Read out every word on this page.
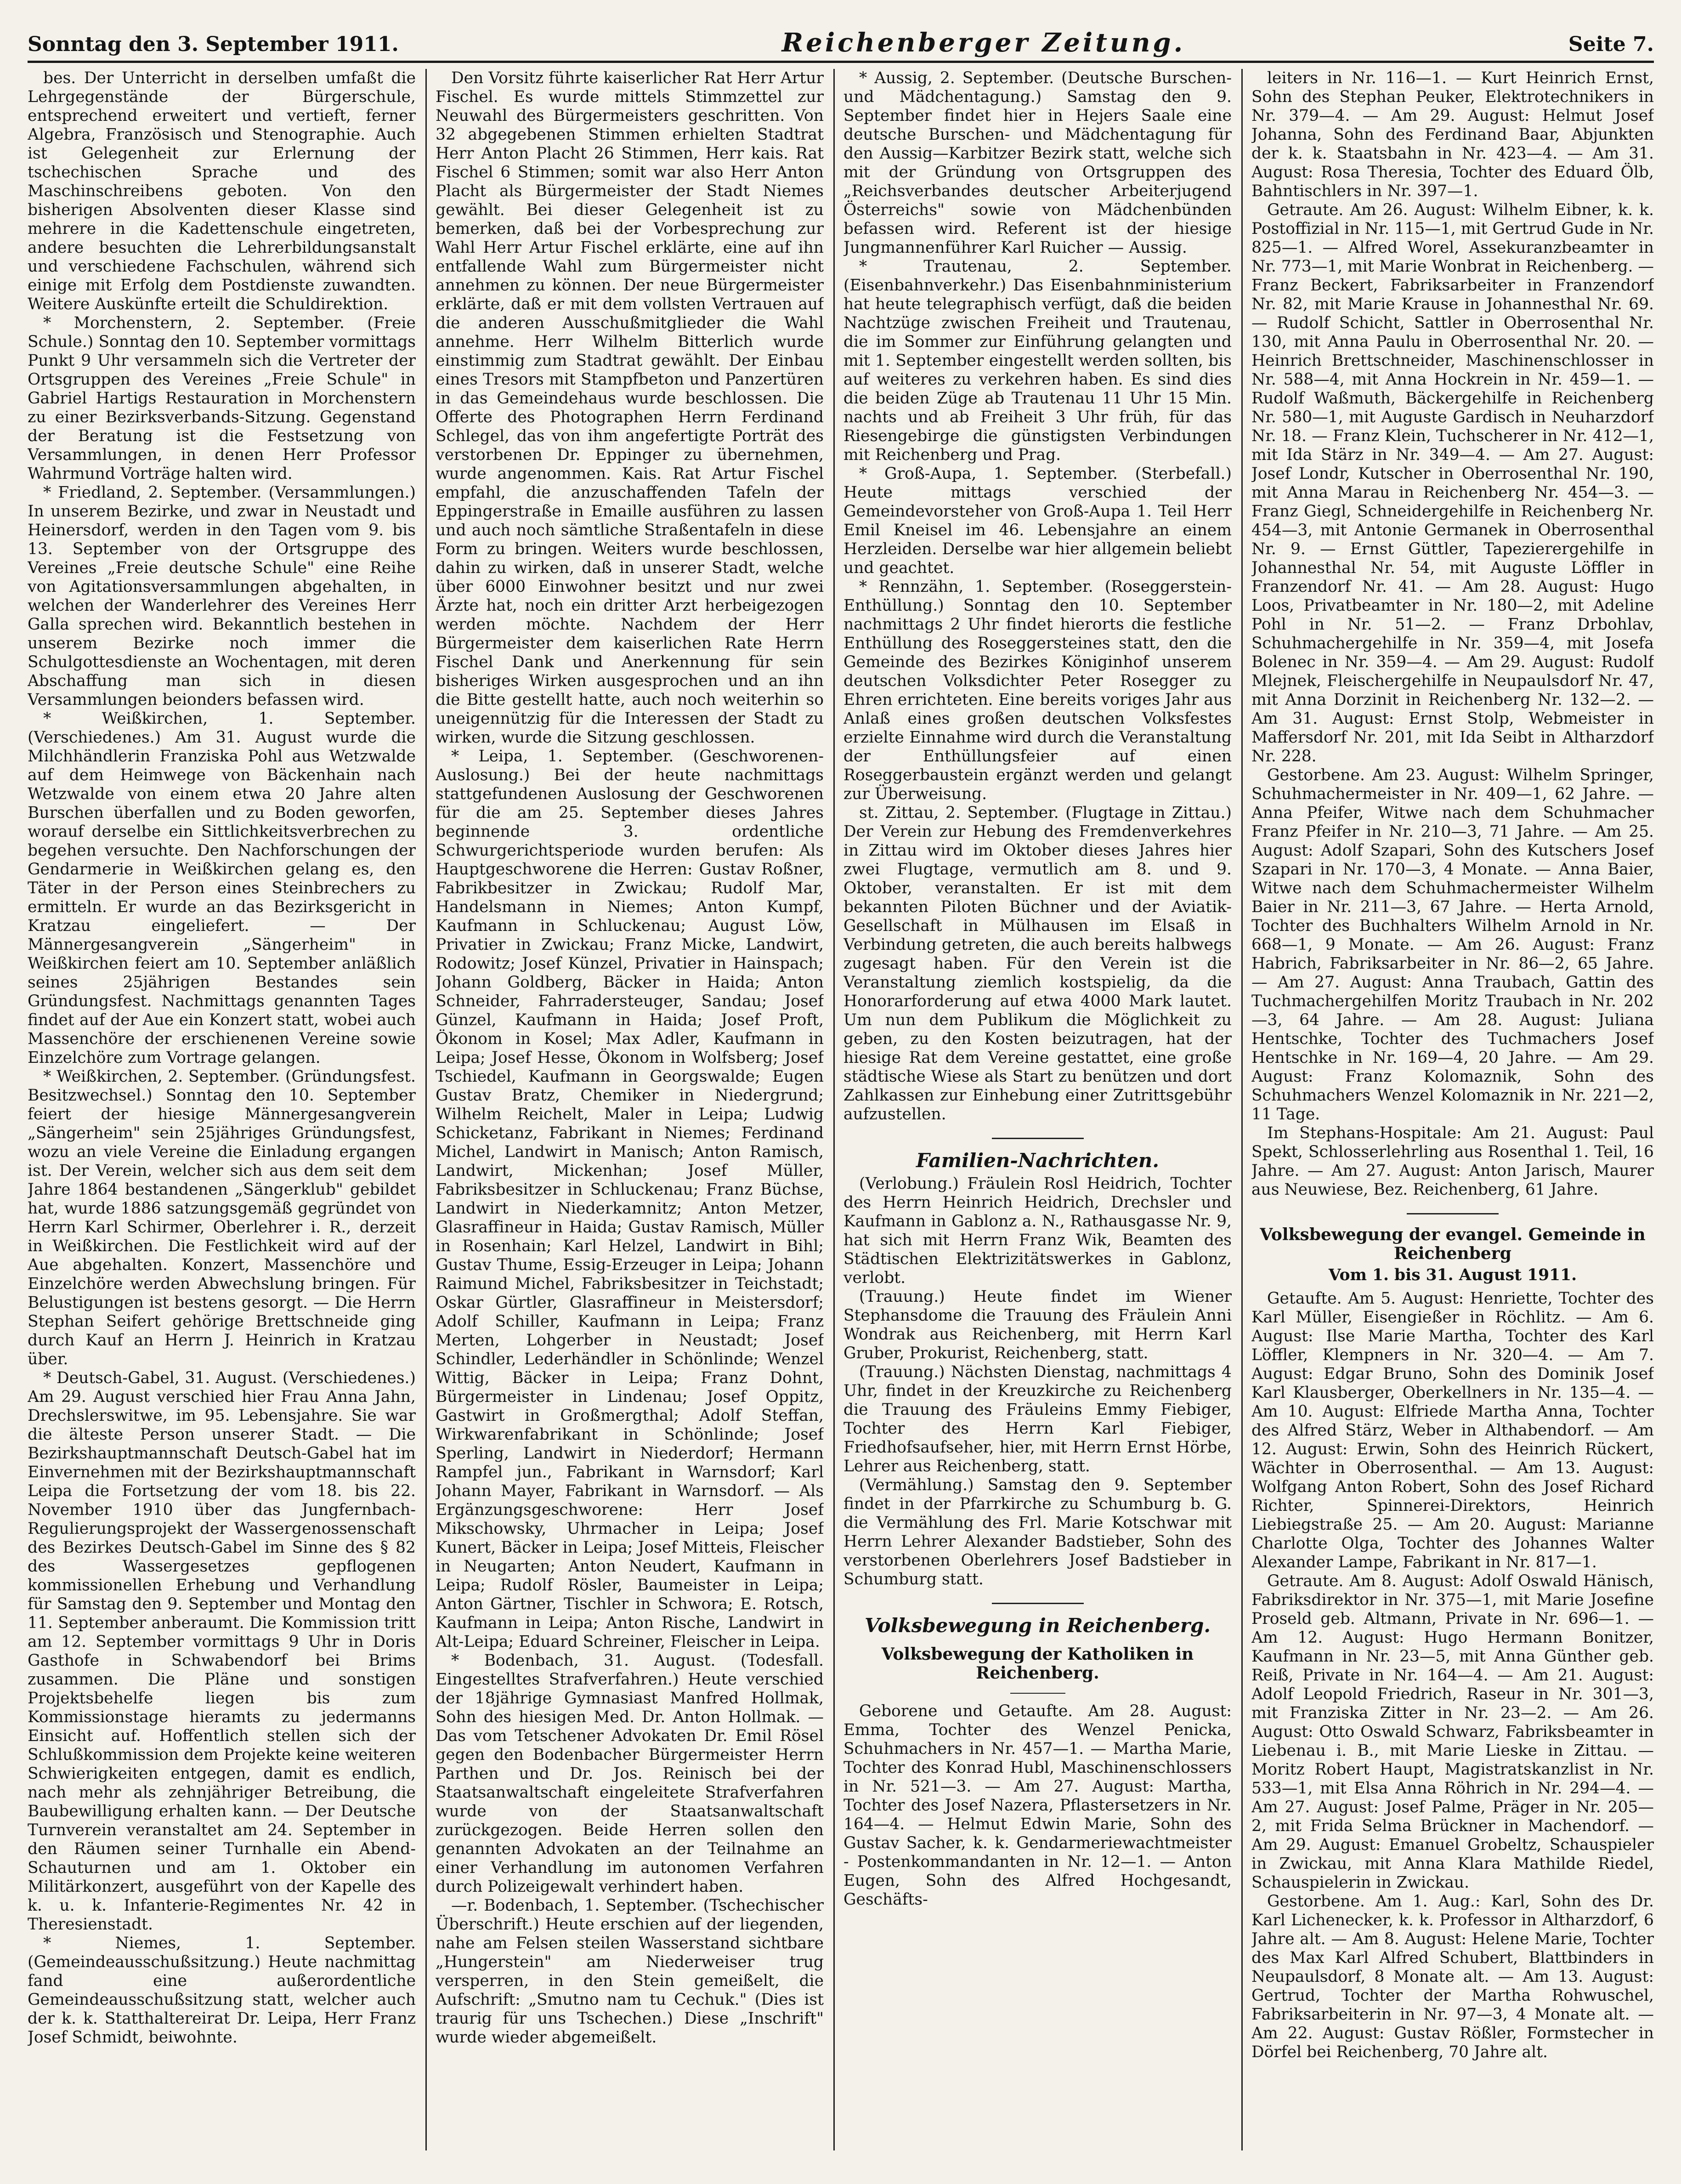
Sonntag den 3. September 1911.	Reichenberger Zeitung.	Seite 7.

bes. Der Unterricht in derselben umfaßt die Lehrgegenstände der Bürgerschule, entsprechend erweitert und vertieft, ferner Algebra, Französisch und Stenographie. Auch ist Gelegenheit zur Erlernung der tschechischen Sprache und des Maschinschreibens geboten. Von den bisherigen Absolventen dieser Klasse sind mehrere in die Kadettenschule eingetreten, andere besuchten die Lehrerbildungsanstalt und verschiedene Fachschulen, während sich einige mit Erfolg dem Postdienste zuwandten. Weitere Auskünfte erteilt die Schuldirektion.

* Morchenstern, 2. September. (Freie Schule.) Sonntag den 10. September vormittags Punkt 9 Uhr versammeln sich die Vertreter der Ortsgruppen des Vereines „Freie Schule" in Gabriel Hartigs Restauration in Morchenstern zu einer Bezirksverbands-Sitzung. Gegenstand der Beratung ist die Festsetzung von Versammlungen, in denen Herr Professor Wahrmund Vorträge halten wird.

* Friedland, 2. September. (Versammlungen.) In unserem Bezirke, und zwar in Neustadt und Heinersdorf, werden in den Tagen vom 9. bis 13. September von der Ortsgruppe des Vereines „Freie deutsche Schule" eine Reihe von Agitationsversammlungen abgehalten, in welchen der Wanderlehrer des Vereines Herr Galla sprechen wird. Bekanntlich bestehen in unserem Bezirke noch immer die Schulgottesdienste an Wochentagen, mit deren Abschaffung man sich in diesen Versammlungen beionders befassen wird.

* Weißkirchen, 1. September. (Verschiedenes.) Am 31. August wurde die Milchhändlerin Franziska Pohl aus Wetzwalde auf dem Heimwege von Bäckenhain nach Wetzwalde von einem etwa 20 Jahre alten Burschen überfallen und zu Boden geworfen, worauf derselbe ein Sittlichkeitsverbrechen zu begehen versuchte. Den Nachforschungen der Gendarmerie in Weißkirchen gelang es, den Täter in der Person eines Steinbrechers zu ermitteln. Er wurde an das Bezirksgericht in Kratzau eingeliefert. — Der Männergesangverein „Sängerheim" in Weißkirchen feiert am 10. September anläßlich seines 25jährigen Bestandes sein Gründungsfest. Nachmittags genannten Tages findet auf der Aue ein Konzert statt, wobei auch Massenchöre der erschienenen Vereine sowie Einzelchöre zum Vortrage gelangen.

* Weißkirchen, 2. September. (Gründungsfest. Besitzwechsel.) Sonntag den 10. September feiert der hiesige Männergesangverein „Sängerheim" sein 25jähriges Gründungsfest, wozu an viele Vereine die Einladung ergangen ist. Der Verein, welcher sich aus dem seit dem Jahre 1864 bestandenen „Sängerklub" gebildet hat, wurde 1886 satzungsgemäß gegründet von Herrn Karl Schirmer, Oberlehrer i. R., derzeit in Weißkirchen. Die Festlichkeit wird auf der Aue abgehalten. Konzert, Massenchöre und Einzelchöre werden Abwechslung bringen. Für Belustigungen ist bestens gesorgt. — Die Herrn Stephan Seifert gehörige Brettschneide ging durch Kauf an Herrn J. Heinrich in Kratzau über.

* Deutsch-Gabel, 31. August. (Verschiedenes.) Am 29. August verschied hier Frau Anna Jahn, Drechslerswitwe, im 95. Lebensjahre. Sie war die älteste Person unserer Stadt. — Die Bezirkshauptmannschaft Deutsch-Gabel hat im Einvernehmen mit der Bezirkshauptmannschaft Leipa die Fortsetzung der vom 18. bis 22. November 1910 über das Jungfernbach-Regulierungsprojekt der Wassergenossenschaft des Bezirkes Deutsch-Gabel im Sinne des § 82 des Wassergesetzes gepflogenen kommissionellen Erhebung und Verhandlung für Samstag den 9. September und Montag den 11. September anberaumt. Die Kommission tritt am 12. September vormittags 9 Uhr in Doris Gasthofe in Schwabendorf bei Brims zusammen. Die Pläne und sonstigen Projektsbehelfe liegen bis zum Kommissionstage hieramts zu jedermanns Einsicht auf. Hoffentlich stellen sich der Schlußkommission dem Projekte keine weiteren Schwierigkeiten entgegen, damit es endlich, nach mehr als zehnjähriger Betreibung, die Baubewilligung erhalten kann. — Der Deutsche Turnverein veranstaltet am 24. September in den Räumen seiner Turnhalle ein Abend-Schauturnen und am 1. Oktober ein Militärkonzert, ausgeführt von der Kapelle des k. u. k. Infanterie-Regimentes Nr. 42 in Theresienstadt.

* Niemes, 1. September. (Gemeindeausschußsitzung.) Heute nachmittag fand eine außerordentliche Gemeindeausschußsitzung statt, welcher auch der k. k. Statthaltereirat Dr. Leipa, Herr Franz Josef Schmidt, beiwohnte.

Den Vorsitz führte kaiserlicher Rat Herr Artur Fischel. Es wurde mittels Stimmzettel zur Neuwahl des Bürgermeisters geschritten. Von 32 abgegebenen Stimmen erhielten Stadtrat Herr Anton Placht 26 Stimmen, Herr kais. Rat Fischel 6 Stimmen; somit war also Herr Anton Placht als Bürgermeister der Stadt Niemes gewählt. Bei dieser Gelegenheit ist zu bemerken, daß bei der Vorbesprechung zur Wahl Herr Artur Fischel erklärte, eine auf ihn entfallende Wahl zum Bürgermeister nicht annehmen zu können. Der neue Bürgermeister erklärte, daß er mit dem vollsten Vertrauen auf die anderen Ausschußmitglieder die Wahl annehme. Herr Wilhelm Bitterlich wurde einstimmig zum Stadtrat gewählt. Der Einbau eines Tresors mit Stampfbeton und Panzertüren in das Gemeindehaus wurde beschlossen. Die Offerte des Photographen Herrn Ferdinand Schlegel, das von ihm angefertigte Porträt des verstorbenen Dr. Eppinger zu übernehmen, wurde angenommen. Kais. Rat Artur Fischel empfahl, die anzuschaffenden Tafeln der Eppingerstraße in Emaille ausführen zu lassen und auch noch sämtliche Straßentafeln in diese Form zu bringen. Weiters wurde beschlossen, dahin zu wirken, daß in unserer Stadt, welche über 6000 Einwohner besitzt und nur zwei Ärzte hat, noch ein dritter Arzt herbeigezogen werden möchte. Nachdem der Herr Bürgermeister dem kaiserlichen Rate Herrn Fischel Dank und Anerkennung für sein bisheriges Wirken ausgesprochen und an ihn die Bitte gestellt hatte, auch noch weiterhin so uneigennützig für die Interessen der Stadt zu wirken, wurde die Sitzung geschlossen.

* Leipa, 1. September. (Geschworenen-Auslosung.) Bei der heute nachmittags stattgefundenen Auslosung der Geschworenen für die am 25. September dieses Jahres beginnende 3. ordentliche Schwurgerichtsperiode wurden berufen: Als Hauptgeschworene die Herren: Gustav Roßner, Fabrikbesitzer in Zwickau; Rudolf Mar, Handelsmann in Niemes; Anton Kumpf, Kaufmann in Schluckenau; August Löw, Privatier in Zwickau; Franz Micke, Landwirt, Rodowitz; Josef Künzel, Privatier in Hainspach; Johann Goldberg, Bäcker in Haida; Anton Schneider, Fahrradersteuger, Sandau; Josef Günzel, Kaufmann in Haida; Josef Proft, Ökonom in Kosel; Max Adler, Kaufmann in Leipa; Josef Hesse, Ökonom in Wolfsberg; Josef Tschiedel, Kaufmann in Georgswalde; Eugen Gustav Bratz, Chemiker in Niedergrund; Wilhelm Reichelt, Maler in Leipa; Ludwig Schicketanz, Fabrikant in Niemes; Ferdinand Michel, Landwirt in Manisch; Anton Ramisch, Landwirt, Mickenhan; Josef Müller, Fabriksbesitzer in Schluckenau; Franz Büchse, Landwirt in Niederkamnitz; Anton Metzer, Glasraffineur in Haida; Gustav Ramisch, Müller in Rosenhain; Karl Helzel, Landwirt in Bihl; Gustav Thume, Essig-Erzeuger in Leipa; Johann Raimund Michel, Fabriksbesitzer in Teichstadt; Oskar Gürtler, Glasraffineur in Meistersdorf; Adolf Schiller, Kaufmann in Leipa; Franz Merten, Lohgerber in Neustadt; Josef Schindler, Lederhändler in Schönlinde; Wenzel Wittig, Bäcker in Leipa; Franz Dohnt, Bürgermeister in Lindenau; Josef Oppitz, Gastwirt in Großmergthal; Adolf Steffan, Wirkwarenfabrikant in Schönlinde; Josef Sperling, Landwirt in Niederdorf; Hermann Rampfel jun., Fabrikant in Warnsdorf; Karl Johann Mayer, Fabrikant in Warnsdorf. — Als Ergänzungsgeschworene: Herr Josef Mikschowsky, Uhrmacher in Leipa; Josef Kunert, Bäcker in Leipa; Josef Mitteis, Fleischer in Neugarten; Anton Neudert, Kaufmann in Leipa; Rudolf Rösler, Baumeister in Leipa; Anton Gärtner, Tischler in Schwora; E. Rotsch, Kaufmann in Leipa; Anton Rische, Landwirt in Alt-Leipa; Eduard Schreiner, Fleischer in Leipa.

* Bodenbach, 31. August. (Todesfall. Eingestelltes Strafverfahren.) Heute verschied der 18jährige Gymnasiast Manfred Hollmak, Sohn des hiesigen Med. Dr. Anton Hollmak. — Das vom Tetschener Advokaten Dr. Emil Rösel gegen den Bodenbacher Bürgermeister Herrn Parthen und Dr. Jos. Reinisch bei der Staatsanwaltschaft eingeleitete Strafverfahren wurde von der Staatsanwaltschaft zurückgezogen. Beide Herren sollen den genannten Advokaten an der Teilnahme an einer Verhandlung im autonomen Verfahren durch Polizeigewalt verhindert haben.

—r. Bodenbach, 1. September. (Tschechischer Überschrift.) Heute erschien auf der liegenden, nahe am Felsen steilen Wasserstand sichtbare „Hungerstein" am Niederweiser trug versperren, in den Stein gemeißelt, die Aufschrift: „Smutno nam tu Cechuk." (Dies ist traurig für uns Tschechen.) Diese „Inschrift" wurde wieder abgemeißelt.

* Aussig, 2. September. (Deutsche Burschen- und Mädchentagung.) Samstag den 9. September findet hier in Hejers Saale eine deutsche Burschen- und Mädchentagung für den Aussig—Karbitzer Bezirk statt, welche sich mit der Gründung von Ortsgruppen des „Reichsverbandes deutscher Arbeiterjugend Österreichs" sowie von Mädchenbünden befassen wird. Referent ist der hiesige Jungmannenführer Karl Ruicher — Aussig.

* Trautenau, 2. September. (Eisenbahnverkehr.) Das Eisenbahnministerium hat heute telegraphisch verfügt, daß die beiden Nachtzüge zwischen Freiheit und Trautenau, die im Sommer zur Einführung gelangten und mit 1. September eingestellt werden sollten, bis auf weiteres zu verkehren haben. Es sind dies die beiden Züge ab Trautenau 11 Uhr 15 Min. nachts und ab Freiheit 3 Uhr früh, für das Riesengebirge die günstigsten Verbindungen mit Reichenberg und Prag.

* Groß-Aupa, 1. September. (Sterbefall.) Heute mittags verschied der Gemeindevorsteher von Groß-Aupa 1. Teil Herr Emil Kneisel im 46. Lebensjahre an einem Herzleiden. Derselbe war hier allgemein beliebt und geachtet.

* Rennzähn, 1. September. (Roseggerstein-Enthüllung.) Sonntag den 10. September nachmittags 2 Uhr findet hierorts die festliche Enthüllung des Roseggersteines statt, den die Gemeinde des Bezirkes Königinhof unserem deutschen Volksdichter Peter Rosegger zu Ehren errichteten. Eine bereits voriges Jahr aus Anlaß eines großen deutschen Volksfestes erzielte Einnahme wird durch die Veranstaltung der Enthüllungsfeier auf einen Roseggerbaustein ergänzt werden und gelangt zur Überweisung.

st. Zittau, 2. September. (Flugtage in Zittau.) Der Verein zur Hebung des Fremdenverkehres in Zittau wird im Oktober dieses Jahres hier zwei Flugtage, vermutlich am 8. und 9. Oktober, veranstalten. Er ist mit dem bekannten Piloten Büchner und der Aviatik-Gesellschaft in Mülhausen im Elsaß in Verbindung getreten, die auch bereits halbwegs zugesagt haben. Für den Verein ist die Veranstaltung ziemlich kostspielig, da die Honorarforderung auf etwa 4000 Mark lautet. Um nun dem Publikum die Möglichkeit zu geben, zu den Kosten beizutragen, hat der hiesige Rat dem Vereine gestattet, eine große städtische Wiese als Start zu benützen und dort Zahlkassen zur Einhebung einer Zutrittsgebühr aufzustellen.

Familien-Nachrichten.

(Verlobung.) Fräulein Rosl Heidrich, Tochter des Herrn Heinrich Heidrich, Drechsler und Kaufmann in Gablonz a. N., Rathausgasse Nr. 9, hat sich mit Herrn Franz Wik, Beamten des Städtischen Elektrizitätswerkes in Gablonz, verlobt.

(Trauung.) Heute findet im Wiener Stephansdome die Trauung des Fräulein Anni Wondrak aus Reichenberg, mit Herrn Karl Gruber, Prokurist, Reichenberg, statt.

(Trauung.) Nächsten Dienstag, nachmittags 4 Uhr, findet in der Kreuzkirche zu Reichenberg die Trauung des Fräuleins Emmy Fiebiger, Tochter des Herrn Karl Fiebiger, Friedhofsaufseher, hier, mit Herrn Ernst Hörbe, Lehrer aus Reichenberg, statt.

(Vermählung.) Samstag den 9. September findet in der Pfarrkirche zu Schumburg b. G. die Vermählung des Frl. Marie Kotschwar mit Herrn Lehrer Alexander Badstieber, Sohn des verstorbenen Oberlehrers Josef Badstieber in Schumburg statt.

Volksbewegung in Reichenberg.
Volksbewegung der Katholiken in Reichenberg.

Geborene und Getaufte. Am 28. August: Emma, Tochter des Wenzel Penicka, Schuhmachers in Nr. 457—1. — Martha Marie, Tochter des Konrad Hubl, Maschinenschlossers in Nr. 521—3. — Am 27. August: Martha, Tochter des Josef Nazera, Pflastersetzers in Nr. 164—4. — Helmut Edwin Marie, Sohn des Gustav Sacher, k. k. Gendarmeriewachtmeister - Postenkommandanten in Nr. 12—1. — Anton Eugen, Sohn des Alfred Hochgesandt, Geschäfts-

leiters in Nr. 116—1. — Kurt Heinrich Ernst, Sohn des Stephan Peuker, Elektrotechnikers in Nr. 379—4. — Am 29. August: Helmut Josef Johanna, Sohn des Ferdinand Baar, Abjunkten der k. k. Staatsbahn in Nr. 423—4. — Am 31. August: Rosa Theresia, Tochter des Eduard Ölb, Bahntischlers in Nr. 397—1.

Getraute. Am 26. August: Wilhelm Eibner, k. k. Postoffizial in Nr. 115—1, mit Gertrud Gude in Nr. 825—1. — Alfred Worel, Assekuranzbeamter in Nr. 773—1, mit Marie Wonbrat in Reichenberg. — Franz Beckert, Fabriksarbeiter in Franzendorf Nr. 82, mit Marie Krause in Johannesthal Nr. 69. — Rudolf Schicht, Sattler in Oberrosenthal Nr. 130, mit Anna Paulu in Oberrosenthal Nr. 20. — Heinrich Brettschneider, Maschinenschlosser in Nr. 588—4, mit Anna Hockrein in Nr. 459—1. — Rudolf Waßmuth, Bäckergehilfe in Reichenberg Nr. 580—1, mit Auguste Gardisch in Neuharzdorf Nr. 18. — Franz Klein, Tuchscherer in Nr. 412—1, mit Ida Stärz in Nr. 349—4. — Am 27. August: Josef Londr, Kutscher in Oberrosenthal Nr. 190, mit Anna Marau in Reichenberg Nr. 454—3. — Franz Giegl, Schneidergehilfe in Reichenberg Nr. 454—3, mit Antonie Germanek in Oberrosenthal Nr. 9. — Ernst Güttler, Tapezierergehilfe in Johannesthal Nr. 54, mit Auguste Löffler in Franzendorf Nr. 41. — Am 28. August: Hugo Loos, Privatbeamter in Nr. 180—2, mit Adeline Pohl in Nr. 51—2. — Franz Drbohlav, Schuhmachergehilfe in Nr. 359—4, mit Josefa Bolenec in Nr. 359—4. — Am 29. August: Rudolf Mlejnek, Fleischergehilfe in Neupaulsdorf Nr. 47, mit Anna Dorzinit in Reichenberg Nr. 132—2. — Am 31. August: Ernst Stolp, Webmeister in Maffersdorf Nr. 201, mit Ida Seibt in Altharzdorf Nr. 228.

Gestorbene. Am 23. August: Wilhelm Springer, Schuhmachermeister in Nr. 409—1, 62 Jahre. — Anna Pfeifer, Witwe nach dem Schuhmacher Franz Pfeifer in Nr. 210—3, 71 Jahre. — Am 25. August: Adolf Szapari, Sohn des Kutschers Josef Szapari in Nr. 170—3, 4 Monate. — Anna Baier, Witwe nach dem Schuhmachermeister Wilhelm Baier in Nr. 211—3, 67 Jahre. — Herta Arnold, Tochter des Buchhalters Wilhelm Arnold in Nr. 668—1, 9 Monate. — Am 26. August: Franz Habrich, Fabriksarbeiter in Nr. 86—2, 65 Jahre. — Am 27. August: Anna Traubach, Gattin des Tuchmachergehilfen Moritz Traubach in Nr. 202—3, 64 Jahre. — Am 28. August: Juliana Hentschke, Tochter des Tuchmachers Josef Hentschke in Nr. 169—4, 20 Jahre. — Am 29. August: Franz Kolomaznik, Sohn des Schuhmachers Wenzel Kolomaznik in Nr. 221—2, 11 Tage.

Im Stephans-Hospitale: Am 21. August: Paul Spekt, Schlosserlehrling aus Rosenthal 1. Teil, 16 Jahre. — Am 27. August: Anton Jarisch, Maurer aus Neuwiese, Bez. Reichenberg, 61 Jahre.

Volksbewegung der evangel. Gemeinde in Reichenberg
Vom 1. bis 31. August 1911.

Getaufte. Am 5. August: Henriette, Tochter des Karl Müller, Eisengießer in Röchlitz. — Am 6. August: Ilse Marie Martha, Tochter des Karl Löffler, Klempners in Nr. 320—4. — Am 7. August: Edgar Bruno, Sohn des Dominik Josef Karl Klausberger, Oberkellners in Nr. 135—4. — Am 10. August: Elfriede Martha Anna, Tochter des Alfred Stärz, Weber in Althabendorf. — Am 12. August: Erwin, Sohn des Heinrich Rückert, Wächter in Oberrosenthal. — Am 13. August: Wolfgang Anton Robert, Sohn des Josef Richard Richter, Spinnerei-Direktors, Heinrich Liebiegstraße 25. — Am 20. August: Marianne Charlotte Olga, Tochter des Johannes Walter Alexander Lampe, Fabrikant in Nr. 817—1.

Getraute. Am 8. August: Adolf Oswald Hänisch, Fabriksdirektor in Nr. 375—1, mit Marie Josefine Proseld geb. Altmann, Private in Nr. 696—1. — Am 12. August: Hugo Hermann Bonitzer, Kaufmann in Nr. 23—5, mit Anna Günther geb. Reiß, Private in Nr. 164—4. — Am 21. August: Adolf Leopold Friedrich, Raseur in Nr. 301—3, mit Franziska Zitter in Nr. 23—2. — Am 26. August: Otto Oswald Schwarz, Fabriksbeamter in Liebenau i. B., mit Marie Lieske in Zittau. — Moritz Robert Haupt, Magistratskanzlist in Nr. 533—1, mit Elsa Anna Röhrich in Nr. 294—4. — Am 27. August: Josef Palme, Präger in Nr. 205—2, mit Frida Selma Brückner in Machendorf. — Am 29. August: Emanuel Grobeltz, Schauspieler in Zwickau, mit Anna Klara Mathilde Riedel, Schauspielerin in Zwickau.

Gestorbene. Am 1. Aug.: Karl, Sohn des Dr. Karl Lichenecker, k. k. Professor in Altharzdorf, 6 Jahre alt. — Am 8. August: Helene Marie, Tochter des Max Karl Alfred Schubert, Blattbinders in Neupaulsdorf, 8 Monate alt. — Am 13. August: Gertrud, Tochter der Martha Rohwuschel, Fabriksarbeiterin in Nr. 97—3, 4 Monate alt. — Am 22. August: Gustav Rößler, Formstecher in Dörfel bei Reichenberg, 70 Jahre alt.
